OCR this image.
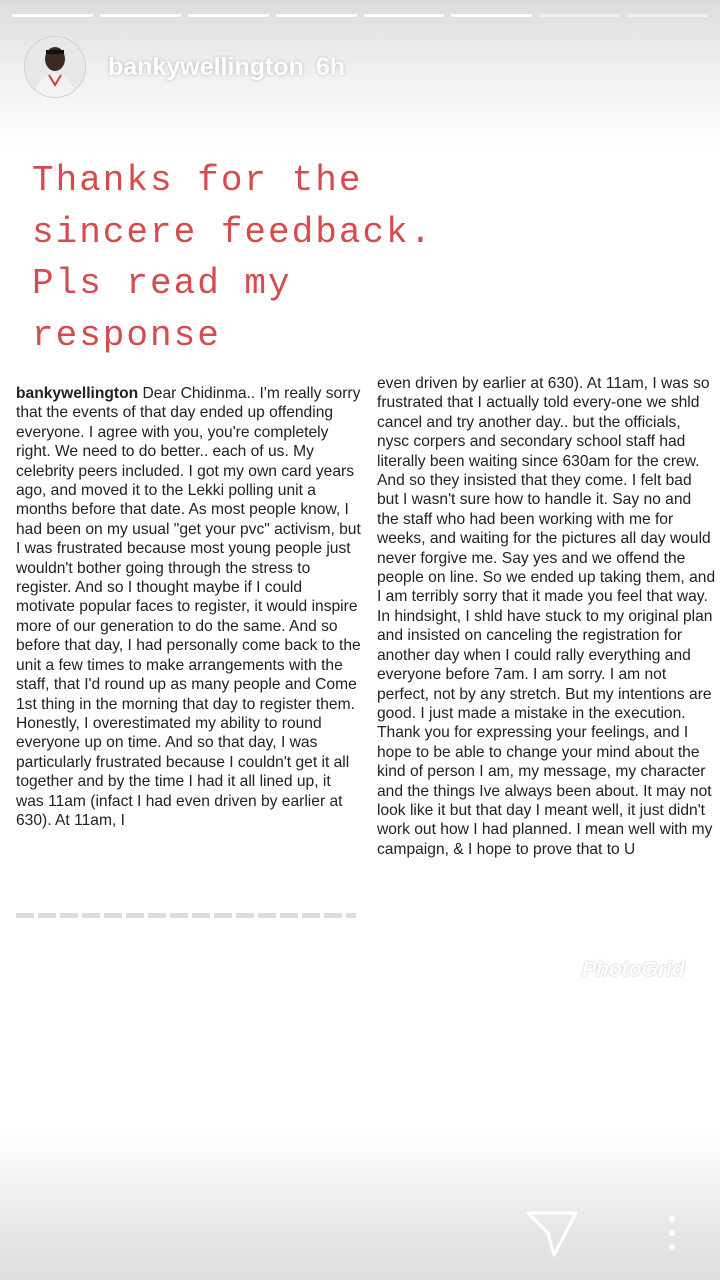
bankywellington 6h
Thanks for the
sincere feedback.
Pls read my
response
bankywellington Dear Chidinma.. I'm really sorry that the events of that day ended up offending everyone. I agree with you, you're completely right. We need to do better.. each of us. My celebrity peers included. I got my own card years ago, and moved it to the Lekki polling unit a months before that date. As most people know, I had been on my usual "get your pvc" activism, but I was frustrated because most young people just wouldn't bother going through the stress to register. And so I thought maybe if I could motivate popular faces to register, it would inspire more of our generation to do the same. And so before that day, I had personally come back to the unit a few times to make arrangements with the staff, that I'd round up as many people and Come 1st thing in the morning that day to register them. Honestly, I overestimated my ability to round everyone up on time. And so that day, I was particularly frustrated because I couldn't get it all together and by the time I had it all lined up, it was 11am (infact I had even driven by earlier at 630). At 11am, I
even driven by earlier at 630). At 11am, I was so frustrated that I actually told every-one we shld cancel and try another day.. but the officials, nysc corpers and secondary school staff had literally been waiting since 630am for the crew. And so they insisted that they come. I felt bad but I wasn't sure how to handle it. Say no and the staff who had been working with me for weeks, and waiting for the pictures all day would never forgive me. Say yes and we offend the people on line. So we ended up taking them, and I am terribly sorry that it made you feel that way. In hindsight, I shld have stuck to my original plan and insisted on canceling the registration for another day when I could rally everything and everyone before 7am. I am sorry. I am not perfect, not by any stretch. But my intentions are good. I just made a mistake in the execution. Thank you for expressing your feelings, and I hope to be able to change your mind about the kind of person I am, my message, my character and the things Ive always been about. It may not look like it but that day I meant well, it just didn't work out how I had planned. I mean well with my campaign, & I hope to prove that to U
PhotoGrid
